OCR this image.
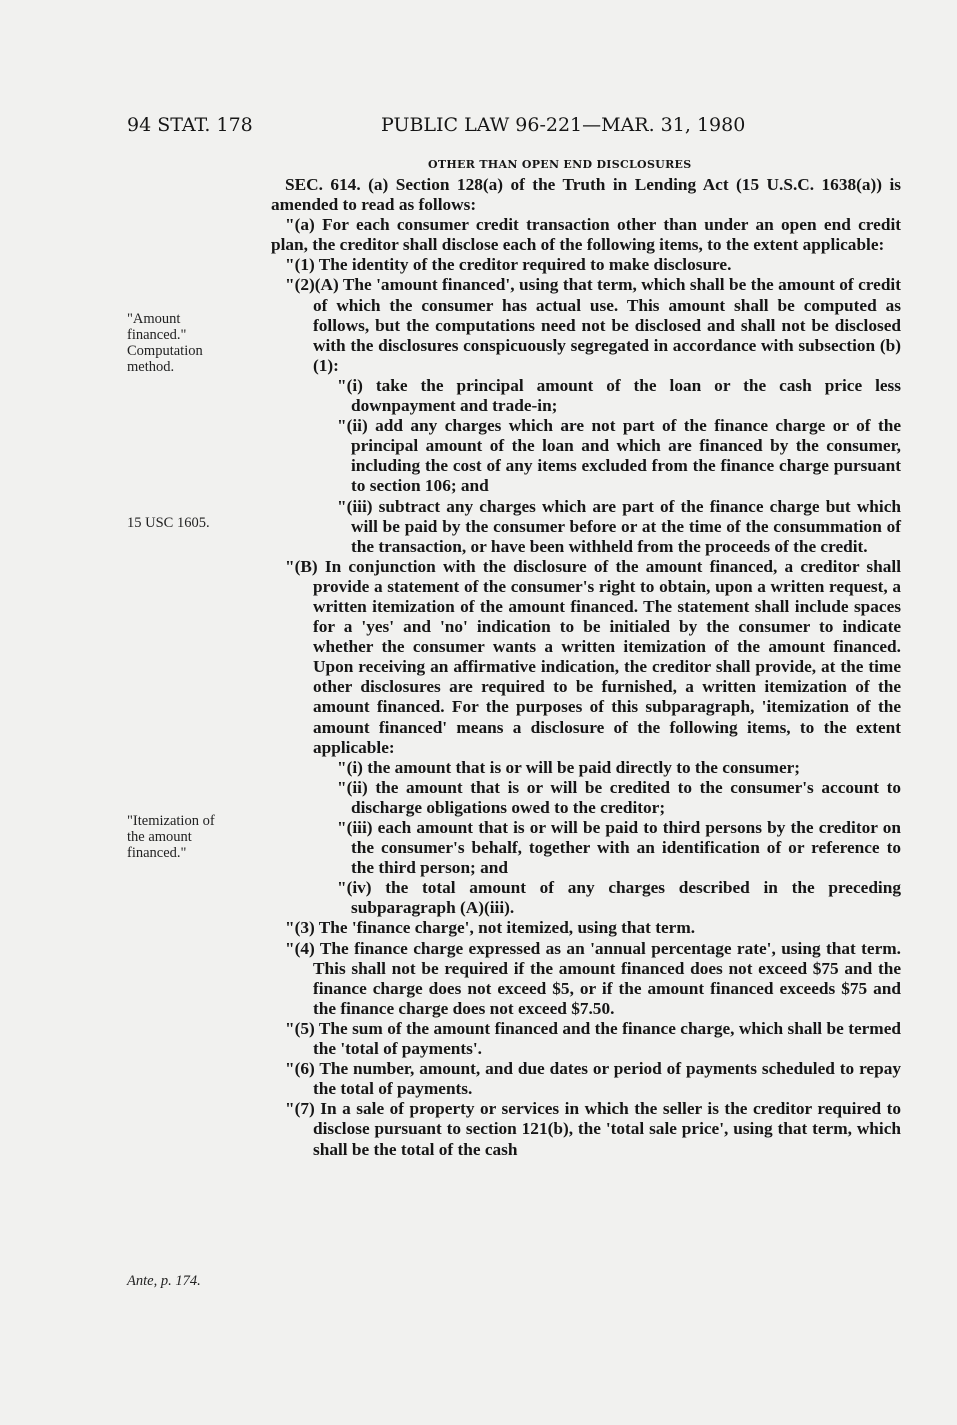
94 STAT. 178	PUBLIC LAW 96-221—MAR. 31, 1980
OTHER THAN OPEN END DISCLOSURES
"Amount
financed."
Computation
method.
15 USC 1605.
"Itemization of
the amount
financed."
Ante, p. 174.

SEC. 614. (a) Section 128(a) of the Truth in Lending Act (15 U.S.C. 1638(a)) is amended to read as follows:

"(a) For each consumer credit transaction other than under an open end credit plan, the creditor shall disclose each of the following items, to the extent applicable:

"(1) The identity of the creditor required to make disclosure.

"(2)(A) The 'amount financed', using that term, which shall be the amount of credit of which the consumer has actual use. This amount shall be computed as follows, but the computations need not be disclosed and shall not be disclosed with the disclosures conspicuously segregated in accordance with subsection (b)(1):

"(i) take the principal amount of the loan or the cash price less downpayment and trade-in;

"(ii) add any charges which are not part of the finance charge or of the principal amount of the loan and which are financed by the consumer, including the cost of any items excluded from the finance charge pursuant to section 106; and

"(iii) subtract any charges which are part of the finance charge but which will be paid by the consumer before or at the time of the consummation of the transaction, or have been withheld from the proceeds of the credit.

"(B) In conjunction with the disclosure of the amount financed, a creditor shall provide a statement of the consumer's right to obtain, upon a written request, a written itemization of the amount financed. The statement shall include spaces for a 'yes' and 'no' indication to be initialed by the consumer to indicate whether the consumer wants a written itemization of the amount financed. Upon receiving an affirmative indication, the creditor shall provide, at the time other disclosures are required to be furnished, a written itemization of the amount financed. For the purposes of this subparagraph, 'itemization of the amount financed' means a disclosure of the following items, to the extent applicable:

"(i) the amount that is or will be paid directly to the consumer;

"(ii) the amount that is or will be credited to the consumer's account to discharge obligations owed to the creditor;

"(iii) each amount that is or will be paid to third persons by the creditor on the consumer's behalf, together with an identification of or reference to the third person; and

"(iv) the total amount of any charges described in the preceding subparagraph (A)(iii).

"(3) The 'finance charge', not itemized, using that term.

"(4) The finance charge expressed as an 'annual percentage rate', using that term. This shall not be required if the amount financed does not exceed $75 and the finance charge does not exceed $5, or if the amount financed exceeds $75 and the finance charge does not exceed $7.50.

"(5) The sum of the amount financed and the finance charge, which shall be termed the 'total of payments'.

"(6) The number, amount, and due dates or period of payments scheduled to repay the total of payments.

"(7) In a sale of property or services in which the seller is the creditor required to disclose pursuant to section 121(b), the 'total sale price', using that term, which shall be the total of the cash
